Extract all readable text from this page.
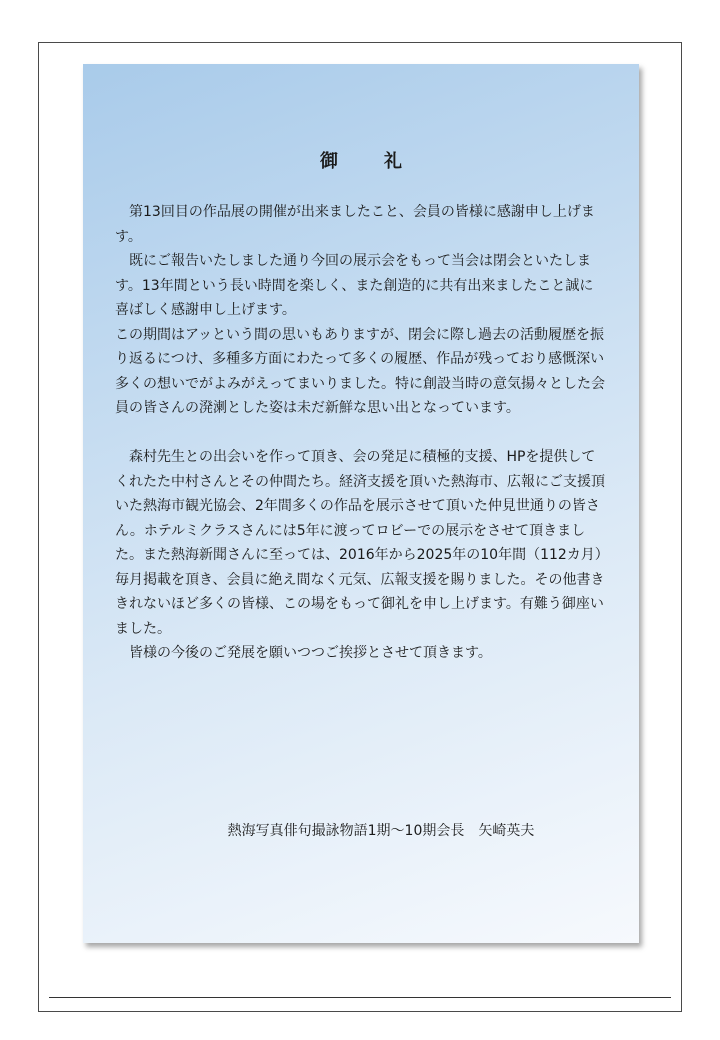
御　礼

　第13回目の作品展の開催が出来ましたこと、会員の皆様に感謝申し上げます。

　既にご報告いたしました通り今回の展示会をもって当会は閉会といたします。13年間という長い時間を楽しく、また創造的に共有出来ましたこと誠に喜ばしく感謝申し上げます。

この期間はアッという間の思いもありますが、閉会に際し過去の活動履歴を振り返るにつけ、多種多方面にわたって多くの履歴、作品が残っており感慨深い多くの想いでがよみがえってまいりました。特に創設当時の意気揚々とした会員の皆さんの溌溂とした姿は未だ新鮮な思い出となっています。

　森村先生との出会いを作って頂き、会の発足に積極的支援、HPを提供してくれたた中村さんとその仲間たち。経済支援を頂いた熱海市、広報にご支援頂いた熱海市観光協会、2年間多くの作品を展示させて頂いた仲見世通りの皆さん。ホテルミクラスさんには5年に渡ってロビーでの展示をさせて頂きました。また熱海新聞さんに至っては、2016年から2025年の10年間（112カ月）毎月掲載を頂き、会員に絶え間なく元気、広報支援を賜りました。その他書ききれないほど多くの皆様、この場をもって御礼を申し上げます。有難う御座いました。

　皆様の今後のご発展を願いつつご挨拶とさせて頂きます。

熱海写真俳句撮詠物語1期～10期会長　矢崎英夫
